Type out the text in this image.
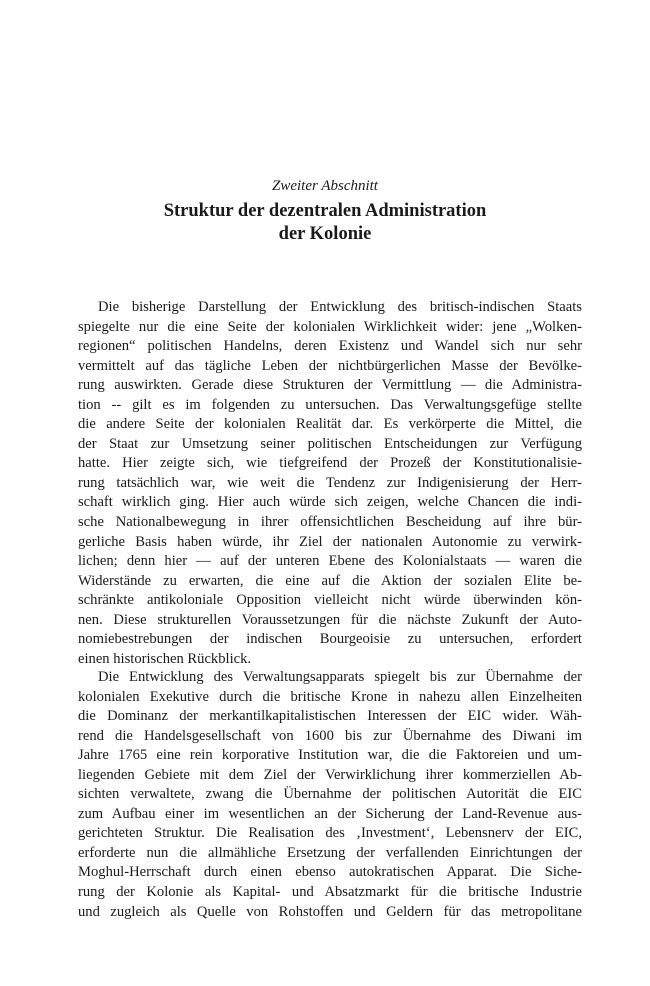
Zweiter Abschnitt

Struktur der dezentralen Administration
der Kolonie
Die bisherige Darstellung der Entwicklung des britisch-indischen Staats
spiegelte nur die eine Seite der kolonialen Wirklichkeit wider: jene „Wolken-
regionen“ politischen Handelns, deren Existenz und Wandel sich nur sehr
vermittelt auf das tägliche Leben der nichtbürgerlichen Masse der Bevölke-
rung auswirkten. Gerade diese Strukturen der Vermittlung — die Administra-
tion -- gilt es im folgenden zu untersuchen. Das Verwaltungsgefüge stellte
die andere Seite der kolonialen Realität dar. Es verkörperte die Mittel, die
der Staat zur Umsetzung seiner politischen Entscheidungen zur Verfügung
hatte. Hier zeigte sich, wie tiefgreifend der Prozeß der Konstitutionalisie-
rung tatsächlich war, wie weit die Tendenz zur Indigenisierung der Herr-
schaft wirklich ging. Hier auch würde sich zeigen, welche Chancen die indi-
sche Nationalbewegung in ihrer offensichtlichen Bescheidung auf ihre bür-
gerliche Basis haben würde, ihr Ziel der nationalen Autonomie zu verwirk-
lichen; denn hier — auf der unteren Ebene des Kolonialstaats — waren die
Widerstände zu erwarten, die eine auf die Aktion der sozialen Elite be-
schränkte antikoloniale Opposition vielleicht nicht würde überwinden kön-
nen. Diese strukturellen Voraussetzungen für die nächste Zukunft der Auto-
nomiebestrebungen der indischen Bourgeoisie zu untersuchen, erfordert
einen historischen Rückblick.
Die Entwicklung des Verwaltungsapparats spiegelt bis zur Übernahme der
kolonialen Exekutive durch die britische Krone in nahezu allen Einzelheiten
die Dominanz der merkantilkapitalistischen Interessen der EIC wider. Wäh-
rend die Handelsgesellschaft von 1600 bis zur Übernahme des Diwani im
Jahre 1765 eine rein korporative Institution war, die die Faktoreien und um-
liegenden Gebiete mit dem Ziel der Verwirklichung ihrer kommerziellen Ab-
sichten verwaltete, zwang die Übernahme der politischen Autorität die EIC
zum Aufbau einer im wesentlichen an der Sicherung der Land-Revenue aus-
gerichteten Struktur. Die Realisation des ‚Investment‘, Lebensnerv der EIC,
erforderte nun die allmähliche Ersetzung der verfallenden Einrichtungen der
Moghul-Herrschaft durch einen ebenso autokratischen Apparat. Die Siche-
rung der Kolonie als Kapital- und Absatzmarkt für die britische Industrie
und zugleich als Quelle von Rohstoffen und Geldern für das metropolitane
